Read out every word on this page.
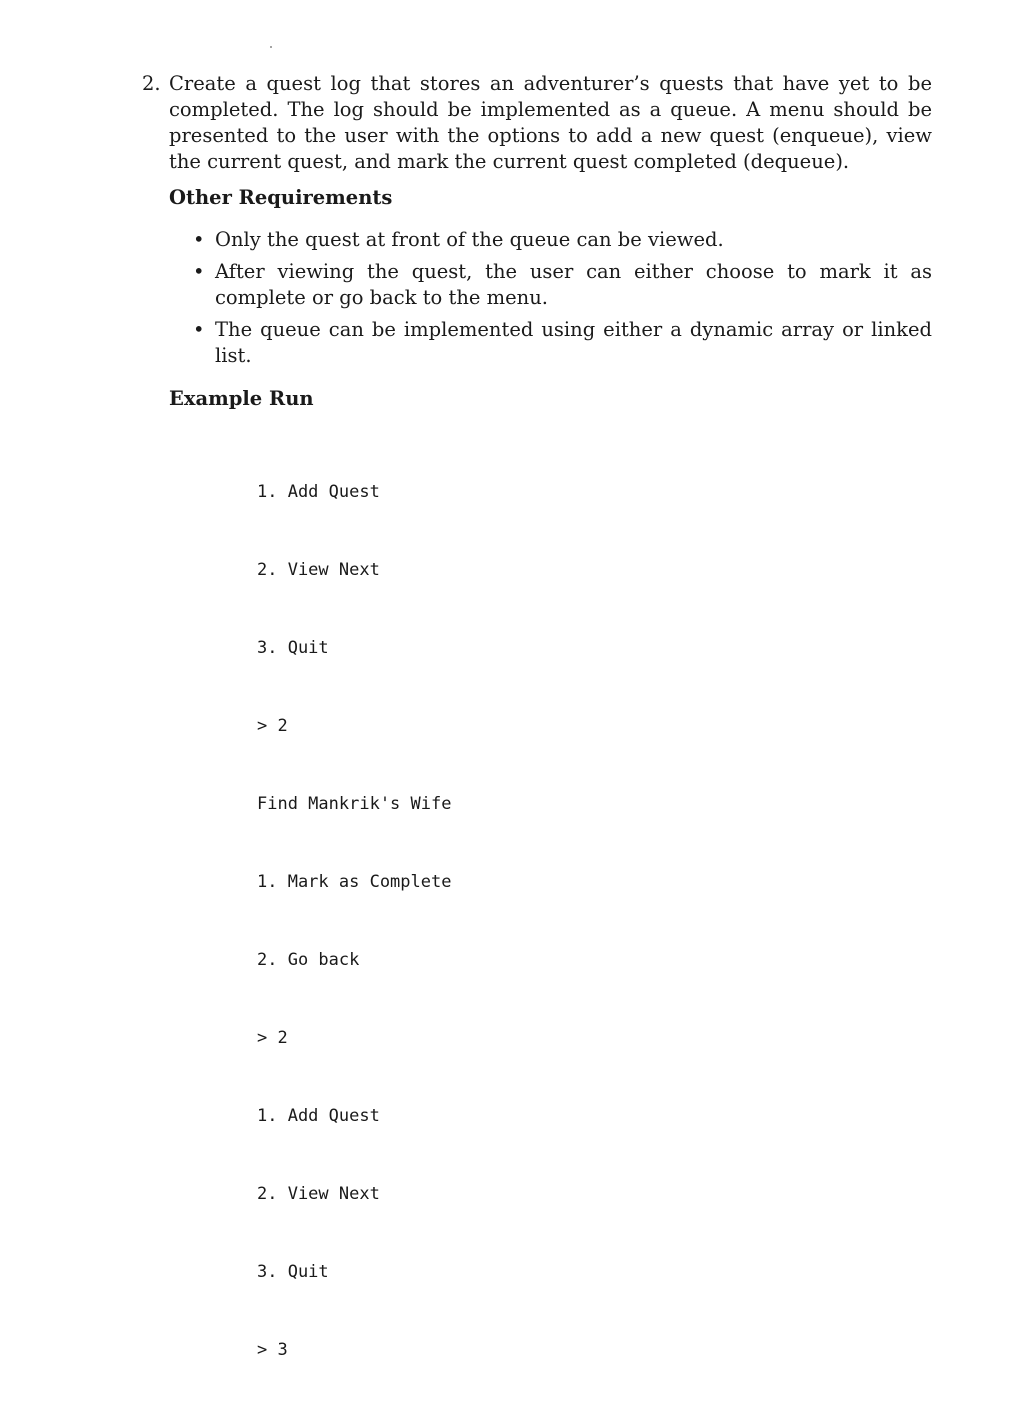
2. Create a quest log that stores an adventurer’s quests that have yet to be completed. The log should be implemented as a queue. A menu should be presented to the user with the options to add a new quest (enqueue), view the current quest, and mark the current quest completed (dequeue).
Other Requirements
• Only the quest at front of the queue can be viewed.
• After viewing the quest, the user can either choose to mark it as complete or go back to the menu.
• The queue can be implemented using either a dynamic array or linked list.
Example Run

1. Add Quest

2. View Next

3. Quit

> 2

Find Mankrik's Wife

1. Mark as Complete

2. Go back

> 2

1. Add Quest

2. View Next

3. Quit

> 3
